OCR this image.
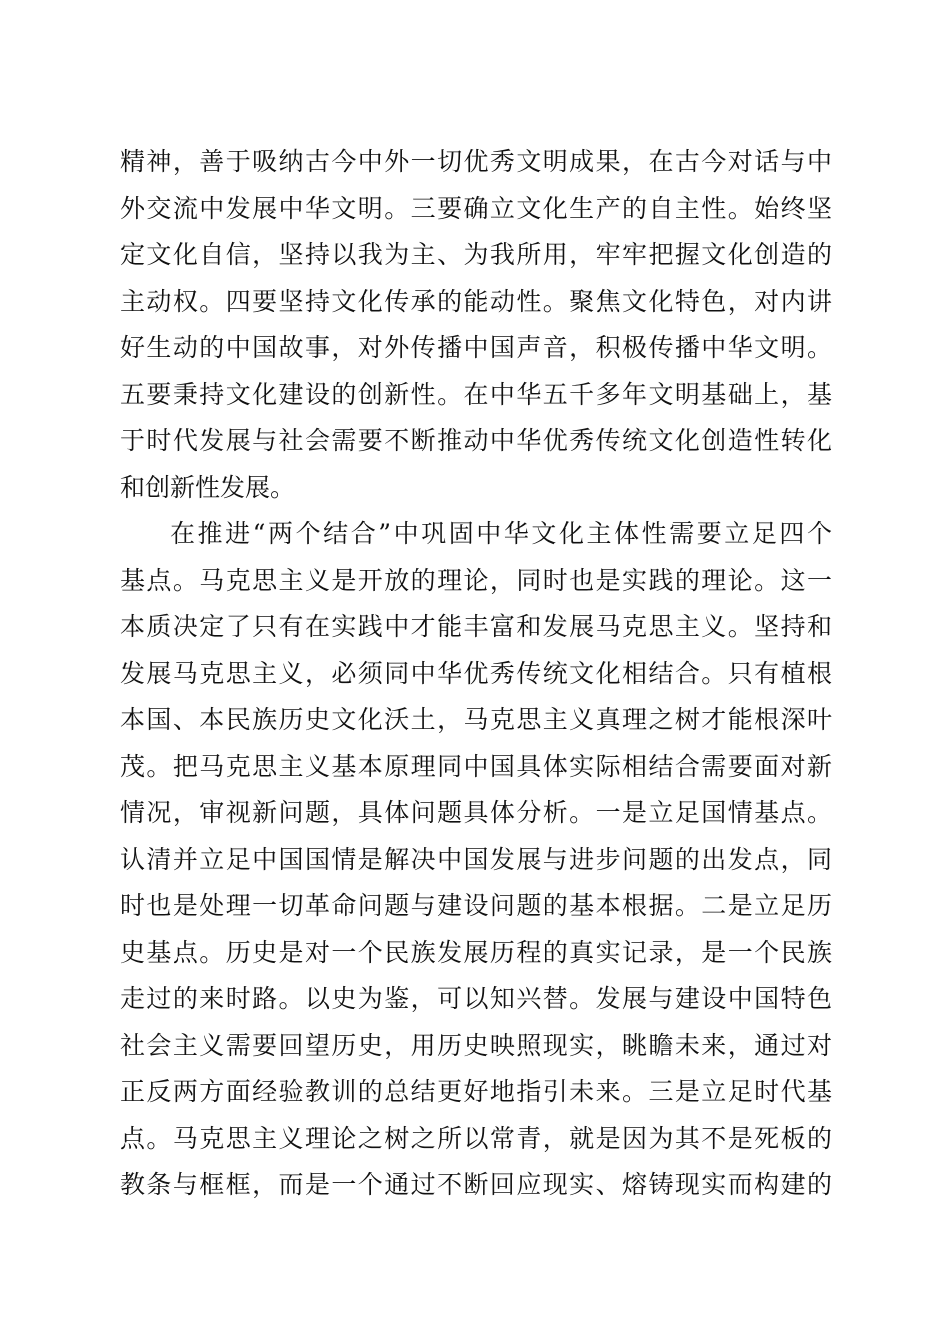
精神，善于吸纳古今中外一切优秀文明成果，在古今对话与中
外交流中发展中华文明。三要确立文化生产的自主性。始终坚
定文化自信，坚持以我为主、为我所用，牢牢把握文化创造的
主动权。四要坚持文化传承的能动性。聚焦文化特色，对内讲
好生动的中国故事，对外传播中国声音，积极传播中华文明。
五要秉持文化建设的创新性。在中华五千多年文明基础上，基
于时代发展与社会需要不断推动中华优秀传统文化创造性转化
和创新性发展。
在推进“两个结合”中巩固中华文化主体性需要立足四个
基点。马克思主义是开放的理论，同时也是实践的理论。这一
本质决定了只有在实践中才能丰富和发展马克思主义。坚持和
发展马克思主义，必须同中华优秀传统文化相结合。只有植根
本国、本民族历史文化沃土，马克思主义真理之树才能根深叶
茂。把马克思主义基本原理同中国具体实际相结合需要面对新
情况，审视新问题，具体问题具体分析。一是立足国情基点。
认清并立足中国国情是解决中国发展与进步问题的出发点，同
时也是处理一切革命问题与建设问题的基本根据。二是立足历
史基点。历史是对一个民族发展历程的真实记录，是一个民族
走过的来时路。以史为鉴，可以知兴替。发展与建设中国特色
社会主义需要回望历史，用历史映照现实，眺瞻未来，通过对
正反两方面经验教训的总结更好地指引未来。三是立足时代基
点。马克思主义理论之树之所以常青，就是因为其不是死板的
教条与框框，而是一个通过不断回应现实、熔铸现实而构建的
